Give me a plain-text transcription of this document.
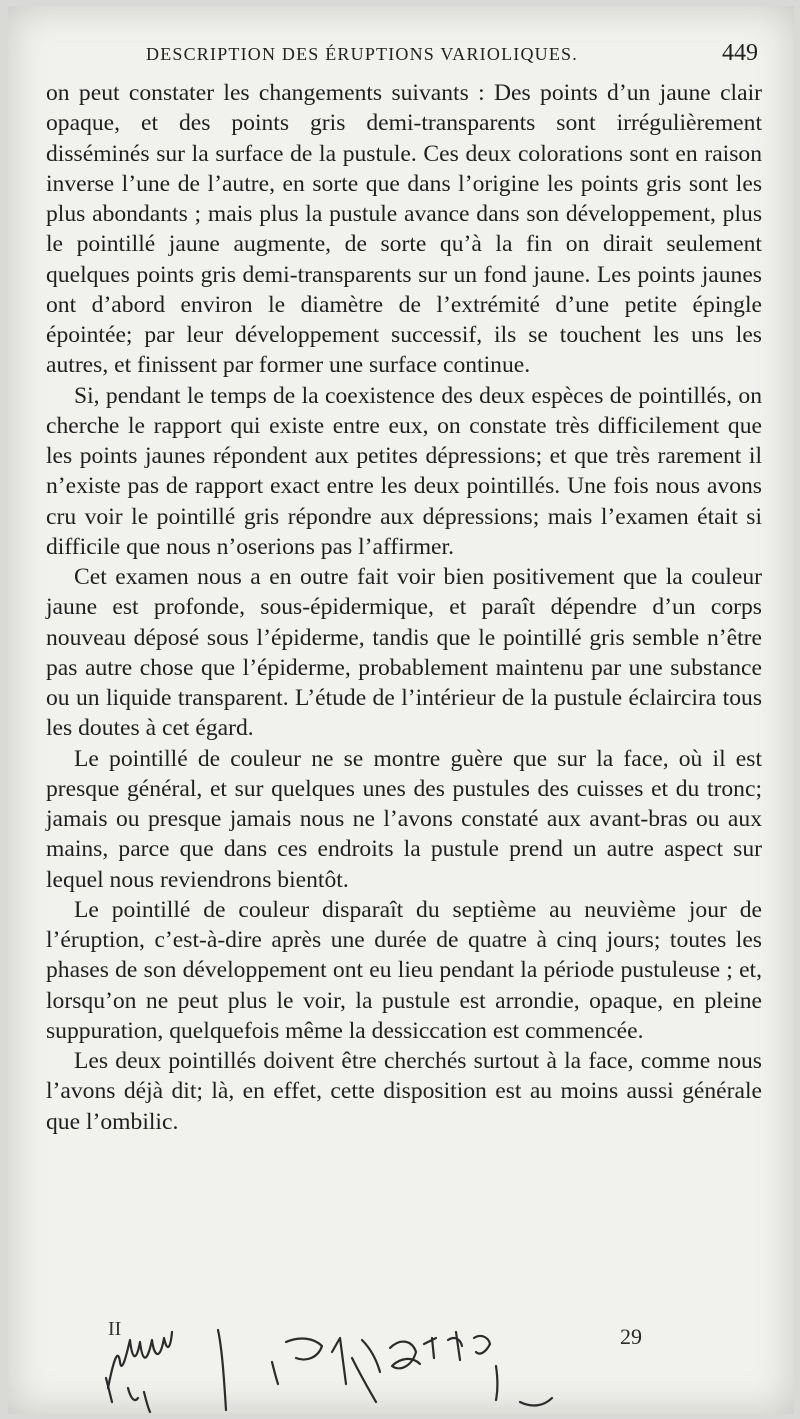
DESCRIPTION DES ÉRUPTIONS VARIOLIQUES.	449

on peut constater les changements suivants : Des points d’un jaune clair opaque, et des points gris demi-transparents sont irrégulièrement disséminés sur la surface de la pustule. Ces deux colorations sont en raison inverse l’une de l’autre, en sorte que dans l’origine les points gris sont les plus abondants ; mais plus la pustule avance dans son développement, plus le pointillé jaune augmente, de sorte qu’à la fin on dirait seulement quelques points gris demi-transparents sur un fond jaune. Les points jaunes ont d’abord environ le diamètre de l’extrémité d’une petite épingle épointée; par leur développement successif, ils se touchent les uns les autres, et finissent par former une surface continue.

Si, pendant le temps de la coexistence des deux espèces de pointillés, on cherche le rapport qui existe entre eux, on constate très difficilement que les points jaunes répondent aux petites dépressions; et que très rarement il n’existe pas de rapport exact entre les deux pointillés. Une fois nous avons cru voir le pointillé gris répondre aux dépressions; mais l’examen était si difficile que nous n’oserions pas l’affirmer.

Cet examen nous a en outre fait voir bien positivement que la couleur jaune est profonde, sous-épidermique, et paraît dépendre d’un corps nouveau déposé sous l’épiderme, tandis que le pointillé gris semble n’être pas autre chose que l’épiderme, probablement maintenu par une substance ou un liquide transparent. L’étude de l’intérieur de la pustule éclaircira tous les doutes à cet égard.

Le pointillé de couleur ne se montre guère que sur la face, où il est presque général, et sur quelques unes des pustules des cuisses et du tronc; jamais ou presque jamais nous ne l’avons constaté aux avant-bras ou aux mains, parce que dans ces endroits la pustule prend un autre aspect sur lequel nous reviendrons bientôt.

Le pointillé de couleur disparaît du septième au neuvième jour de l’éruption, c’est-à-dire après une durée de quatre à cinq jours; toutes les phases de son développement ont eu lieu pendant la période pustuleuse ; et, lorsqu’on ne peut plus le voir, la pustule est arrondie, opaque, en pleine suppuration, quelquefois même la dessiccation est commencée.

Les deux pointillés doivent être cherchés surtout à la face, comme nous l’avons déjà dit; là, en effet, cette disposition est au moins aussi générale que l’ombilic.

II	29
